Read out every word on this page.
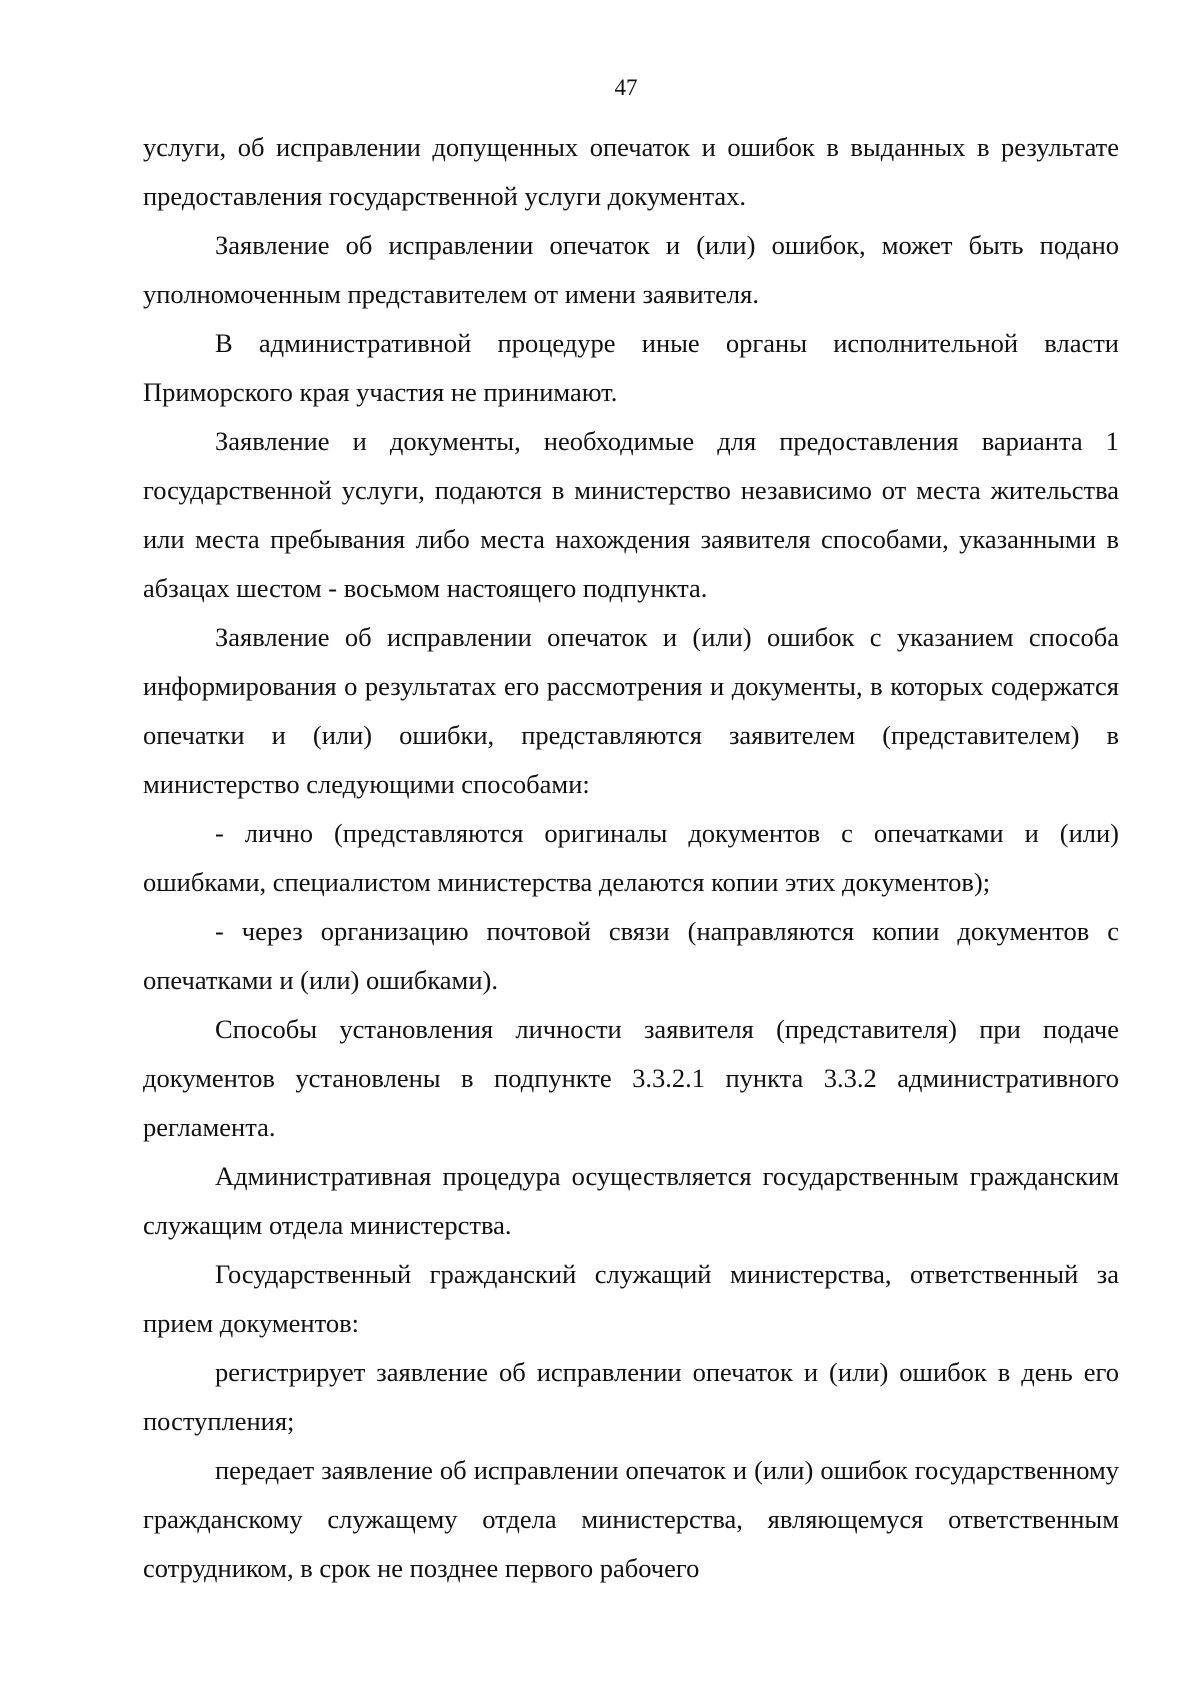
47

услуги, об исправлении допущенных опечаток и ошибок в выданных в результате предоставления государственной услуги документах.

Заявление об исправлении опечаток и (или) ошибок, может быть подано уполномоченным представителем от имени заявителя.

В административной процедуре иные органы исполнительной власти Приморского края участия не принимают.

Заявление и документы, необходимые для предоставления варианта 1 государственной услуги, подаются в министерство независимо от места жительства или места пребывания либо места нахождения заявителя способами, указанными в абзацах шестом - восьмом настоящего подпункта.

Заявление об исправлении опечаток и (или) ошибок с указанием способа информирования о результатах его рассмотрения и документы, в которых содержатся опечатки и (или) ошибки, представляются заявителем (представителем) в министерство следующими способами:

- лично (представляются оригиналы документов с опечатками и (или) ошибками, специалистом министерства делаются копии этих документов);

- через организацию почтовой связи (направляются копии документов с опечатками и (или) ошибками).

Способы установления личности заявителя (представителя) при подаче документов установлены в подпункте 3.3.2.1 пункта 3.3.2 административного регламента.

Административная процедура осуществляется государственным гражданским служащим отдела министерства.

Государственный гражданский служащий министерства, ответственный за прием документов:

регистрирует заявление об исправлении опечаток и (или) ошибок в день его поступления;

передает заявление об исправлении опечаток и (или) ошибок государственному гражданскому служащему отдела министерства, являющемуся ответственным сотрудником, в срок не позднее первого рабочего
